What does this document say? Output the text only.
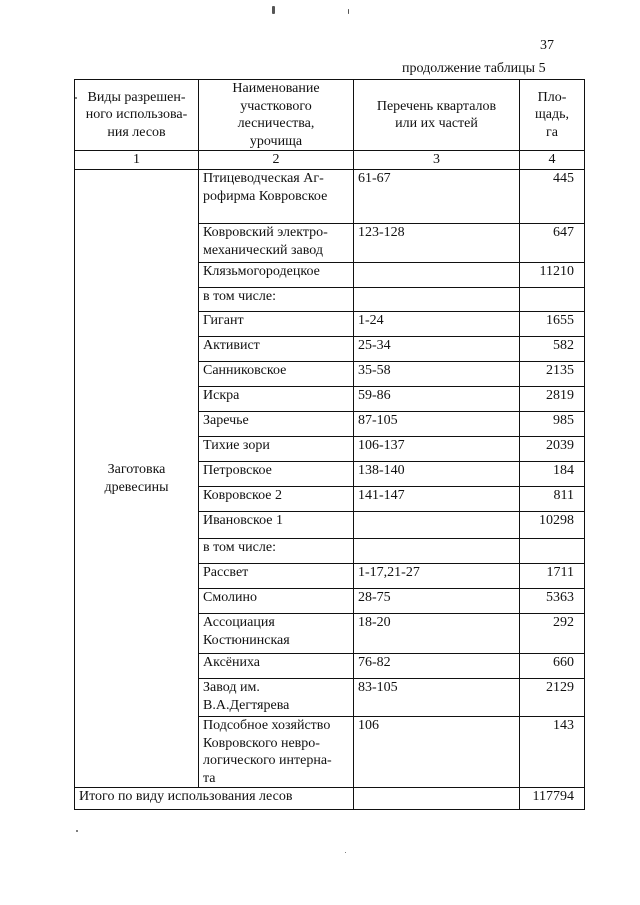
37
продолжение таблицы 5
Виды разрешен-
ного использова-
ния лесов	Наименование
участкового
лесничества,
урочища	Перечень кварталов
или их частей	Пло-
щадь,
га
1	2	3	4
Заготовка
древесины	Птицеводческая Аг-
рофирма Ковровское	61-67	445
	Ковровский электро-
механический завод	123-128	647
	Клязьмогородецкое		11210
	в том числе:		
	Гигант	1-24	1655
	Активист	25-34	582
	Санниковское	35-58	2135
	Искра	59-86	2819
	Заречье	87-105	985
	Тихие зори	106-137	2039
	Петровское	138-140	184
	Ковровское 2	141-147	811
	Ивановское 1		10298
	в том числе:		
	Рассвет	1-17,21-27	1711
	Смолино	28-75	5363
	Ассоциация
Костюнинская	18-20	292
	Аксёниха	76-82	660
	Завод им.
В.А.Дегтярева	83-105	2129
	Подсобное хозяйство
Ковровского невро-
логического интерна-
та	106	143
Итого по виду использования лесов			117794
